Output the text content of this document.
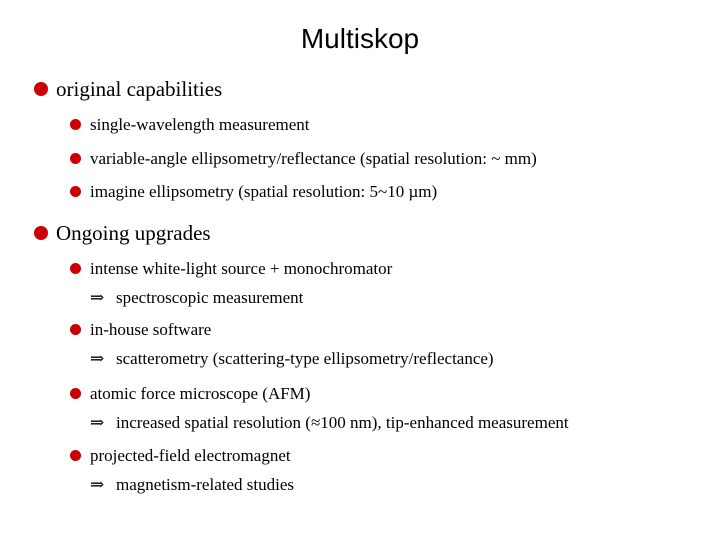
Multiskop
original capabilities
single-wavelength measurement
variable-angle ellipsometry/reflectance (spatial resolution: ~ mm)
imagine ellipsometry (spatial resolution: 5~10 µm)
Ongoing upgrades
intense white-light source + monochromator
⇒ spectroscopic measurement
in-house software
⇒ scatterometry (scattering-type ellipsometry/reflectance)
atomic force microscope (AFM)
⇒ increased spatial resolution (≈100 nm), tip-enhanced measurement
projected-field electromagnet
⇒ magnetism-related studies
